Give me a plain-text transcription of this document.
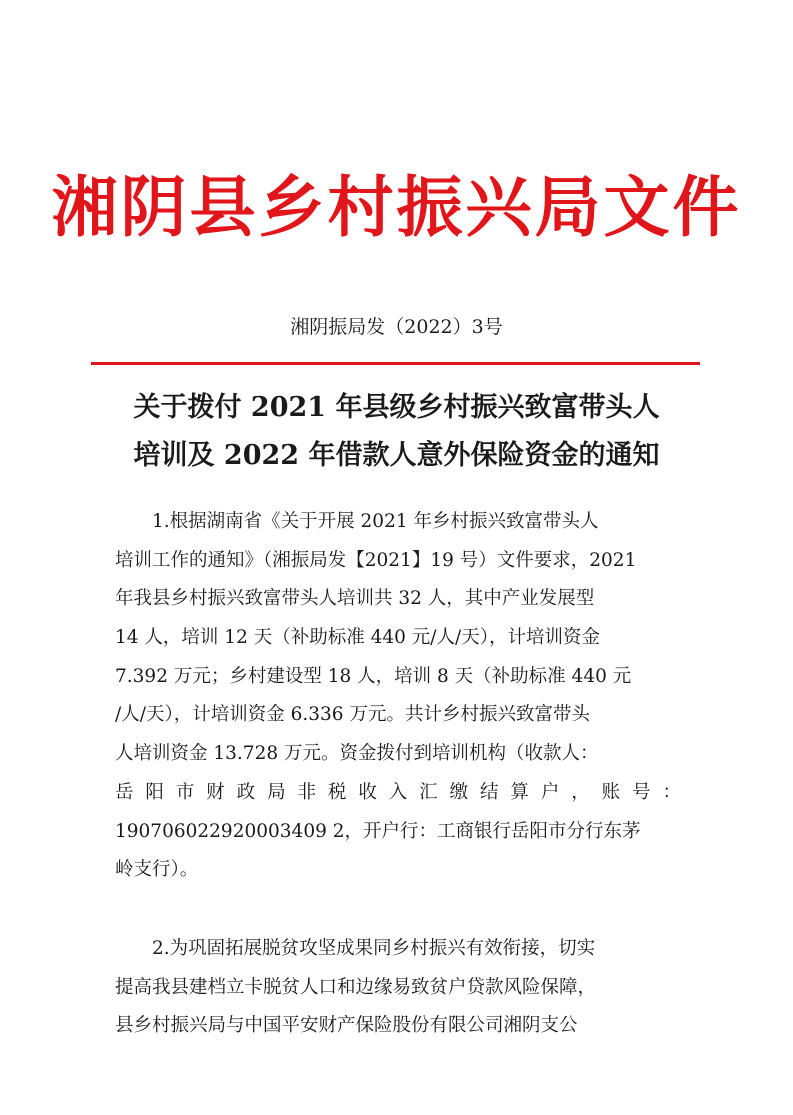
湘阴县乡村振兴局文件
湘阴振局发（2022）3号
关于拨付 2021 年县级乡村振兴致富带头人
培训及 2022 年借款人意外保险资金的通知
1.根据湖南省《关于开展 2021 年乡村振兴致富带头人
培训工作的通知》（湘振局发【2021】19 号）文件要求，2021
年我县乡村振兴致富带头人培训共 32 人，其中产业发展型
14 人，培训 12 天（补助标准 440 元/人/天），计培训资金
7.392 万元；乡村建设型 18 人，培训 8 天（补助标准 440 元
/人/天），计培训资金 6.336 万元。共计乡村振兴致富带头
人培训资金 13.728 万元。资金拨付到培训机构（收款人：
岳阳市财政局非税收入汇缴结算户，账号：
190706022920003409 2，开户行：工商银行岳阳市分行东茅
岭支行）。
2.为巩固拓展脱贫攻坚成果同乡村振兴有效衔接，切实
提高我县建档立卡脱贫人口和边缘易致贫户贷款风险保障，
县乡村振兴局与中国平安财产保险股份有限公司湘阴支公
